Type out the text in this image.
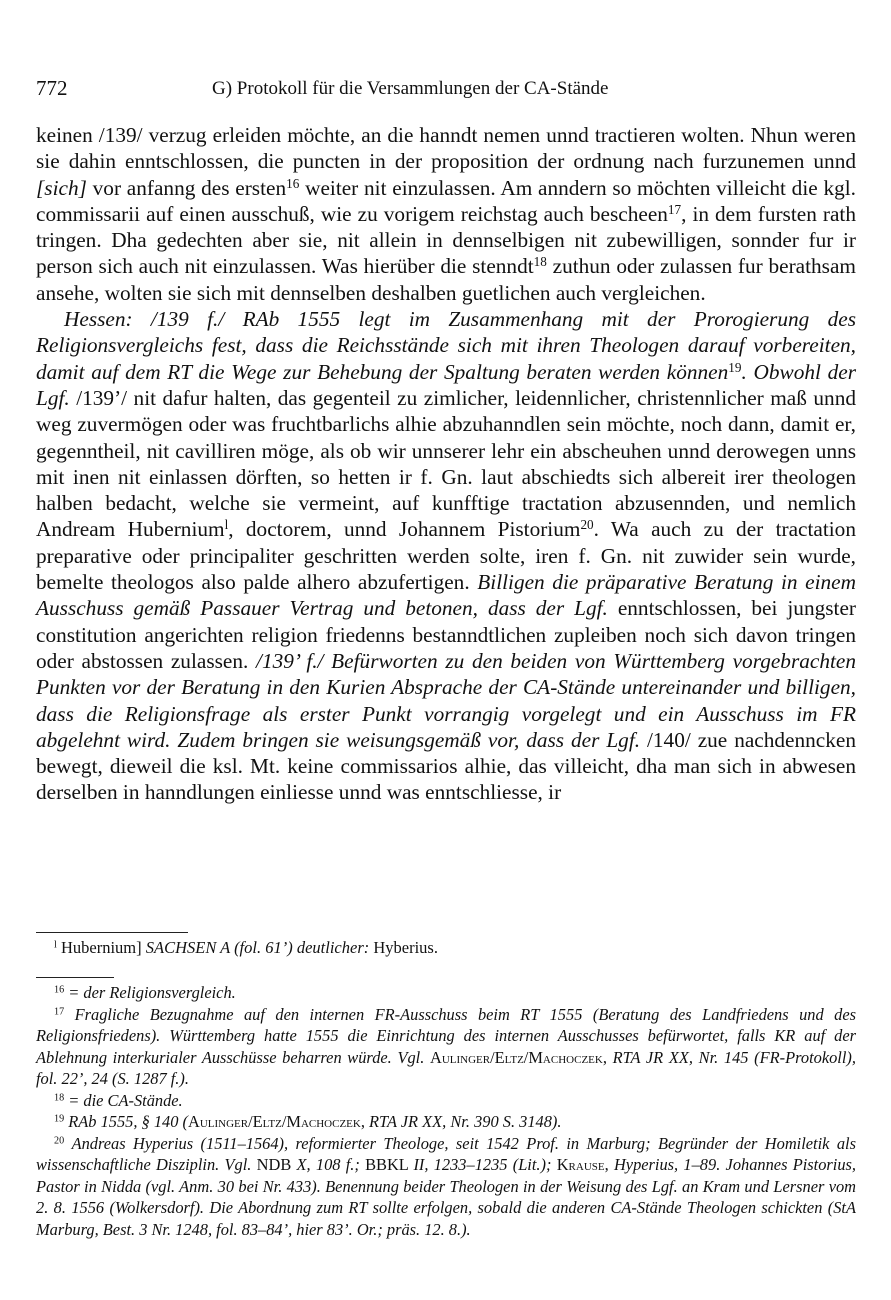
772	G) Protokoll für die Versammlungen der CA-Stände

keinen /139/ verzug erleiden möchte, an die hanndt nemen unnd tractieren wolten. Nhun weren sie dahin enntschlossen, die puncten in der proposition der ordnung nach furzunemen unnd [sich] vor anfanng des ersten$^{16}$ weiter nit einzulassen. Am anndern so möchten villeicht die kgl. commissarii auf einen ausschuß, wie zu vorigem reichstag auch bescheen$^{17}$, in dem fursten rath tringen. Dha gedechten aber sie, nit allein in dennselbigen nit zubewilligen, sonnder fur ir person sich auch nit einzulassen. Was hierüber die stenndt$^{18}$ zuthun oder zulassen fur berathsam ansehe, wolten sie sich mit dennselben deshalben guetlichen auch vergleichen.

Hessen: /139 f./ RAb 1555 legt im Zusammenhang mit der Prorogierung des Religionsvergleichs fest, dass die Reichsstände sich mit ihren Theologen darauf vorbereiten, damit auf dem RT die Wege zur Behebung der Spaltung beraten werden können$^{19}$. Obwohl der Lgf. /139’/ nit dafur halten, das gegenteil zu zimlicher, leidennlicher, christennlicher maß unnd weg zuvermögen oder was fruchtbarlichs alhie abzuhanndlen sein möchte, noch dann, damit er, gegenntheil, nit cavilliren möge, als ob wir unnserer lehr ein abscheuhen unnd derowegen unns mit inen nit einlassen dörften, so hetten ir f. Gn. laut abschiedts sich albereit irer theologen halben bedacht, welche sie vermeint, auf kunfftige tractation abzusennden, und nemlich Andream Hubernium$^l$, doctorem, unnd Johannem Pistorium$^{20}$. Wa auch zu der tractation preparative oder principaliter geschritten werden solte, iren f. Gn. nit zuwider sein wurde, bemelte theologos also palde alhero abzufertigen. Billigen die präparative Beratung in einem Ausschuss gemäß Passauer Vertrag und betonen, dass der Lgf. enntschlossen, bei jungster constitution angerichten religion friedenns bestanndtlichen zupleiben noch sich davon tringen oder abstossen zulassen. /139’ f./ Befürworten zu den beiden von Württemberg vorgebrachten Punkten vor der Beratung in den Kurien Absprache der CA-Stände untereinander und billigen, dass die Religionsfrage als erster Punkt vorrangig vorgelegt und ein Ausschuss im FR abgelehnt wird. Zudem bringen sie weisungsgemäß vor, dass der Lgf. /140/ zue nachdenncken bewegt, dieweil die ksl. Mt. keine commissarios alhie, das villeicht, dha man sich in abwesen derselben in hanndlungen einliesse unnd was enntschliesse, ir

$^l$ Hubernium] SACHSEN A (fol. 61’) deutlicher: Hyberius.

$^{16}$ = der Religionsvergleich.

$^{17}$ Fragliche Bezugnahme auf den internen FR-Ausschuss beim RT 1555 (Beratung des Landfriedens und des Religionsfriedens). Württemberg hatte 1555 die Einrichtung des internen Ausschusses befürwortet, falls KR auf der Ablehnung interkurialer Ausschüsse beharren würde. Vgl. Aulinger/Eltz/Machoczek, RTA JR XX, Nr. 145 (FR-Protokoll), fol. 22’, 24 (S. 1287 f.).

$^{18}$ = die CA-Stände.

$^{19}$ RAb 1555, § 140 (Aulinger/Eltz/Machoczek, RTA JR XX, Nr. 390 S. 3148).

$^{20}$ Andreas Hyperius (1511–1564), reformierter Theologe, seit 1542 Prof. in Marburg; Begründer der Homiletik als wissenschaftliche Disziplin. Vgl. NDB X, 108 f.; BBKL II, 1233–1235 (Lit.); Krause, Hyperius, 1–89. Johannes Pistorius, Pastor in Nidda (vgl. Anm. 30 bei Nr. 433). Benennung beider Theologen in der Weisung des Lgf. an Kram und Lersner vom 2. 8. 1556 (Wolkersdorf). Die Abordnung zum RT sollte erfolgen, sobald die anderen CA-Stände Theologen schickten (StA Marburg, Best. 3 Nr. 1248, fol. 83–84’, hier 83’. Or.; präs. 12. 8.).
